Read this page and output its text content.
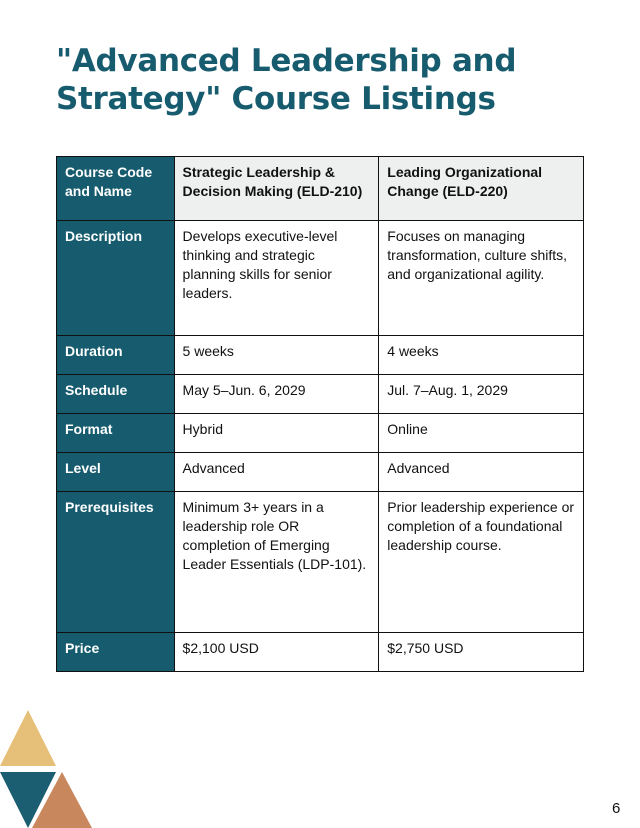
"Advanced Leadership and
Strategy" Course Listings
Course Code and Name	Strategic Leadership & Decision Making (ELD-210)	Leading Organizational Change (ELD-220)
Description	Develops executive-level thinking and strategic planning skills for senior leaders.	Focuses on managing transformation, culture shifts, and organizational agility.
Duration	5 weeks	4 weeks
Schedule	May 5–Jun. 6, 2029	Jul. 7–Aug. 1, 2029
Format	Hybrid	Online
Level	Advanced	Advanced
Prerequisites	Minimum 3+ years in a leadership role OR completion of Emerging Leader Essentials (LDP-101).	Prior leadership experience or completion of a foundational leadership course.
Price	$2,100 USD	$2,750 USD
6
